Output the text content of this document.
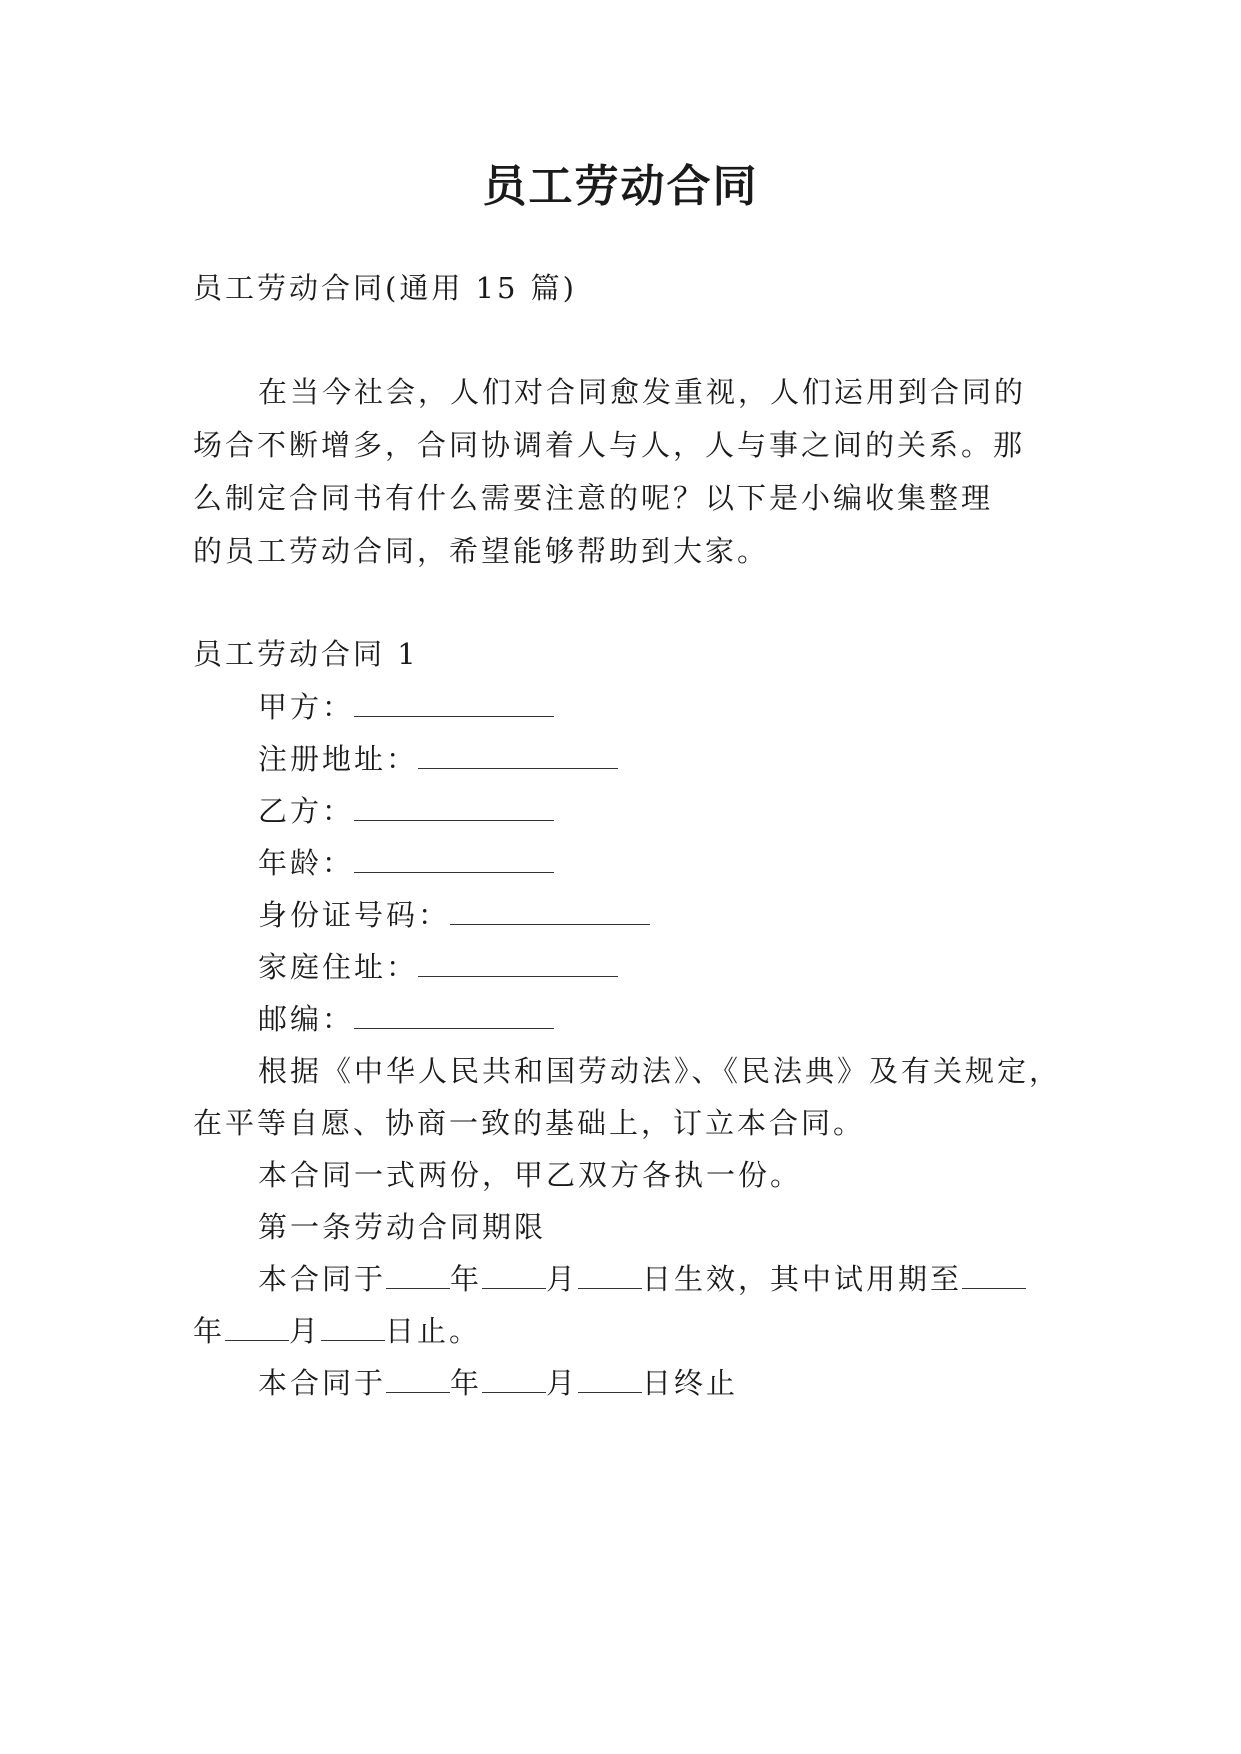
员工劳动合同
员工劳动合同(通用 15 篇)
在当今社会，人们对合同愈发重视，人们运用到合同的
场合不断增多，合同协调着人与人，人与事之间的关系。那
么制定合同书有什么需要注意的呢？以下是小编收集整理
的员工劳动合同，希望能够帮助到大家。
员工劳动合同 1
甲方：
注册地址：
乙方：
年龄：
身份证号码：
家庭住址：
邮编：
根据《中华人民共和国劳动法》、《民法典》及有关规定，
在平等自愿、协商一致的基础上，订立本合同。
本合同一式两份，甲乙双方各执一份。
第一条劳动合同期限
本合同于 年 月 日生效，其中试用期至
年 月 日止。
本合同于 年 月 日终止
